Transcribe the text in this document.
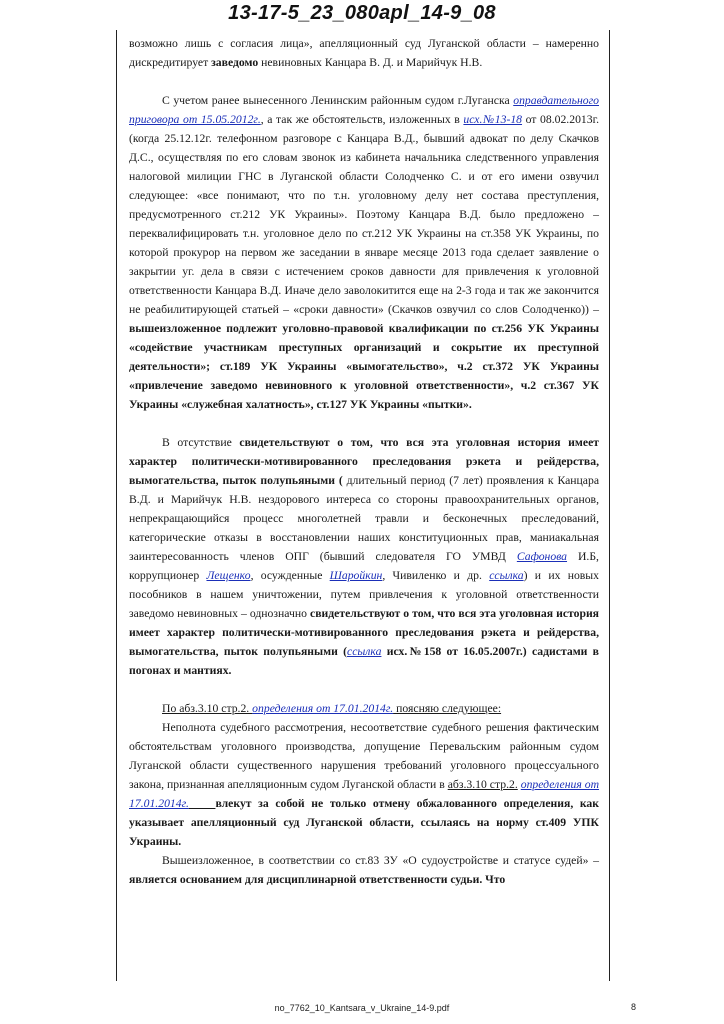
13-17-5_23_080apl_14-9_08

возможно лишь с согласия лица», апелляционный суд Луганской области – намеренно дискредитирует заведомо невиновных Канцара В. Д. и Марийчук Н.В.

С учетом ранее вынесенного Ленинским районным судом г.Луганска оправдательного приговора от 15.05.2012г., а так же обстоятельств, изложенных в исх.№13-18 от 08.02.2013г. (когда 25.12.12г. телефонном разговоре с Канцара В.Д., бывший адвокат по делу Скачков Д.С., осуществляя по его словам звонок из кабинета начальника следственного управления налоговой милиции ГНС в Луганской области Солодченко С. и от его имени озвучил следующее: «все понимают, что по т.н. уголовному делу нет состава преступления, предусмотренного ст.212 УК Украины». Поэтому Канцара В.Д. было предложено – переквалифицировать т.н. уголовное дело по ст.212 УК Украины на ст.358 УК Украины, по которой прокурор на первом же заседании в январе месяце 2013 года сделает заявление о закрытии уг. дела в связи с истечением сроков давности для привлечения к уголовной ответственности Канцара В.Д. Иначе дело заволокитится еще на 2-3 года и так же закончится не реабилитирующей статьей – «сроки давности» (Скачков озвучил со слов Солодченко)) – вышеизложенное подлежит уголовно-правовой квалификации по ст.256 УК Украины «содействие участникам преступных организаций и сокрытие их преступной деятельности»; ст.189 УК Украины «вымогательство», ч.2 ст.372 УК Украины «привлечение заведомо невиновного к уголовной ответственности», ч.2 ст.367 УК Украины «служебная халатность», ст.127 УК Украины «пытки».

В отсутствие свидетельствуют о том, что вся эта уголовная история имеет характер политически-мотивированного преследования рэкета и рейдерства, вымогательства, пыток полупьяными ( длительный период (7 лет) проявления к Канцара В.Д. и Марийчук Н.В. нездорового интереса со стороны правоохранительных органов, непрекращающийся процесс многолетней травли и бесконечных преследований, категорические отказы в восстановлении наших конституционных прав, маниакальная заинтересованность членов ОПГ (бывший следователя ГО УМВД Сафонова И.Б, коррупционер Лещенко, осужденные Шаройкин, Чивиленко и др. ссылка) и их новых пособников в нашем уничтожении, путем привлечения к уголовной ответственности заведомо невиновных – однозначно свидетельствуют о том, что вся эта уголовная история имеет характер политически-мотивированного преследования рэкета и рейдерства, вымогательства, пыток полупьяными (ссылка исх.№158 от 16.05.2007г.) садистами в погонах и мантиях.

По абз.3.10 стр.2. определения от 17.01.2014г. поясняю следующее:

Неполнота судебного рассмотрения, несоответствие судебного решения фактическим обстоятельствам уголовного производства, допущение Перевальским районным судом Луганской области существенного нарушения требований уголовного процессуального закона, признанная апелляционным судом Луганской области в абз.3.10 стр.2. определения от 17.01.2014г. влекут за собой не только отмену обжалованного определения, как указывает апелляционный суд Луганской области, ссылаясь на норму ст.409 УПК Украины.

Вышеизложенное, в соответствии со ст.83 ЗУ «О судоустройстве и статусе судей» – является основанием для дисциплинарной ответственности судьи. Что

no_7762_10_Kantsara_v_Ukraine_14-9.pdf	8
